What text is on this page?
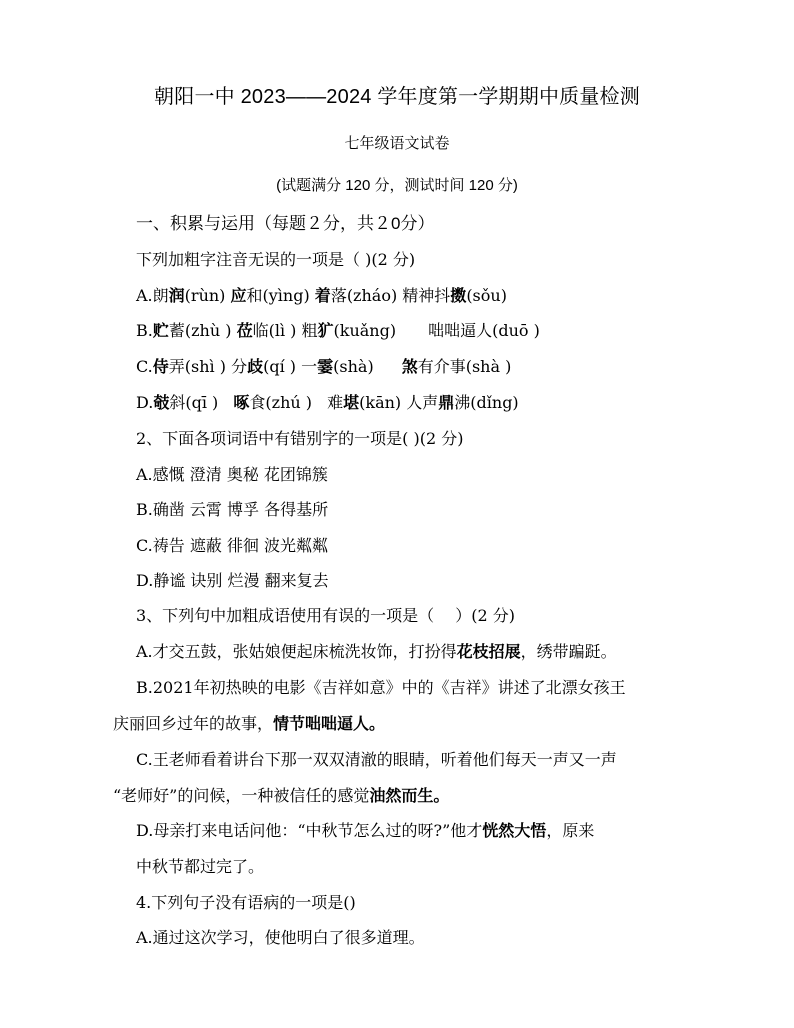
朝阳一中 2023——2024 学年度第一学期期中质量检测
七年级语文试卷
(试题满分 120 分，测试时间 120 分)
一、积累与运用（每题２分，共２0分）
下列加粗字注音无误的一项是（ )(2 分)
A.朗润(rùn) 应和(yìng) 着落(zháo) 精神抖擞(sǒu)
B.贮蓄(zhù ) 莅临(lì ) 粗犷(kuǎng) 咄咄逼人(duō )
C.侍弄(shì ) 分歧(qí ) 一霎(shà) 煞有介事(shà )
D.攲斜(qī ) 啄食(zhú ) 难堪(kān) 人声鼎沸(dǐng)
2、下面各项词语中有错别字的一项是( )(2 分)
A.感慨 澄清 奥秘 花团锦簇
B.确凿 云霄 博孚 各得基所
C.祷告 遮蔽 徘徊 波光粼粼
D.静谧 诀别 烂漫 翻来复去
3、下列句中加粗成语使用有误的一项是（　 ）(2 分)
A.才交五鼓，张姑娘便起床梳洗妆饰，打扮得花枝招展，绣带蹁跹。
B.2021年初热映的电影《吉祥如意》中的《吉祥》讲述了北漂女孩王
庆丽回乡过年的故事，情节咄咄逼人。
C.王老师看着讲台下那一双双清澈的眼睛，听着他们每天一声又一声
“老师好”的问候，一种被信任的感觉油然而生。
D.母亲打来电话问他：“中秋节怎么过的呀?”他才恍然大悟，原来
中秋节都过完了。
4.下列句子没有语病的一项是()
A.通过这次学习，使他明白了很多道理。
